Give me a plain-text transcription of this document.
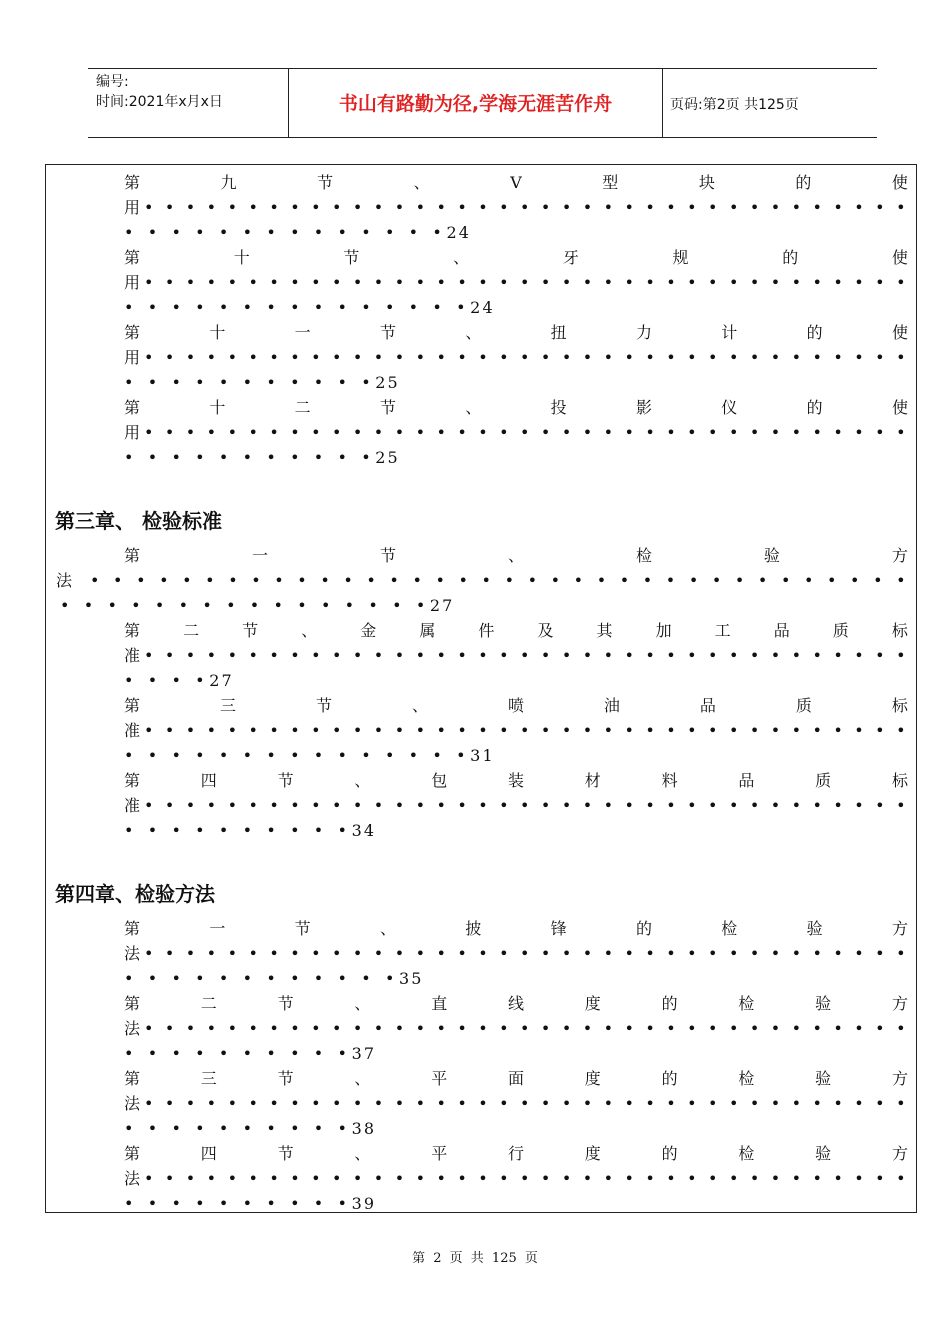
编号:
时间:2021年x月x日	书山有路勤为径,学海无涯苦作舟	页码:第2页 共125页
第	九	节	、	V	型	块	的	使
用 • • • • • • • • • • • • • • • • • • • • • • • • • • • • • • • • • • • • •
• • • • • • • • • • • • • •24
第	十	节	、	牙	规	的	使
用 • • • • • • • • • • • • • • • • • • • • • • • • • • • • • • • • • • • • •
• • • • • • • • • • • • • • •24
第	十	一	节	、	扭	力	计	的	使
用 • • • • • • • • • • • • • • • • • • • • • • • • • • • • • • • • • • • • •
• • • • • • • • • • •25
第	十	二	节	、	投	影	仪	的	使
用 • • • • • • • • • • • • • • • • • • • • • • • • • • • • • • • • • • • • •
• • • • • • • • • • •25
第三章、 检验标准
第	一	节	、	检	验	方
法 • • • • • • • • • • • • • • • • • • • • • • • • • • • • • • • • • • • •
• • • • • • • • • • • • • • • •27
第	二	节	、	金	属	件	及	其	加	工	品	质	标
准 • • • • • • • • • • • • • • • • • • • • • • • • • • • • • • • • • • • • •
• • • •27
第	三	节	、	喷	油	品	质	标
准 • • • • • • • • • • • • • • • • • • • • • • • • • • • • • • • • • • • • •
• • • • • • • • • • • • • • •31
第	四	节	、	包	装	材	料	品	质	标
准 • • • • • • • • • • • • • • • • • • • • • • • • • • • • • • • • • • • • •
• • • • • • • • • •34
第四章、检验方法
第	一	节	、	披	锋	的	检	验	方
法 • • • • • • • • • • • • • • • • • • • • • • • • • • • • • • • • • • • • •
• • • • • • • • • • • •35
第	二	节	、	直	线	度	的	检	验	方
法 • • • • • • • • • • • • • • • • • • • • • • • • • • • • • • • • • • • • •
• • • • • • • • • •37
第	三	节	、	平	面	度	的	检	验	方
法 • • • • • • • • • • • • • • • • • • • • • • • • • • • • • • • • • • • • •
• • • • • • • • • •38
第	四	节	、	平	行	度	的	检	验	方
法 • • • • • • • • • • • • • • • • • • • • • • • • • • • • • • • • • • • • •
• • • • • • • • • •39
第 2 页 共 125 页
